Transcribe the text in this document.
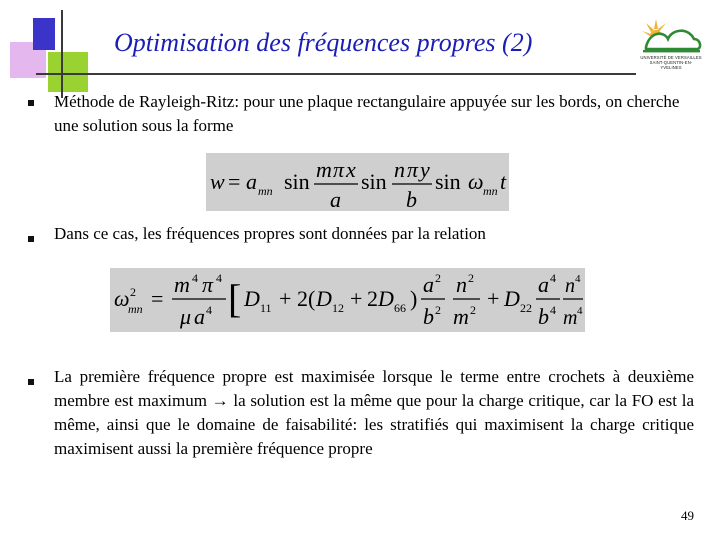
Optimisation des fréquences propres (2)
UNIVERSITÉ DE VERSAILLES
SAINT-QUENTIN-EN-YVELINES
Méthode de Rayleigh-Ritz: pour une plaque rectangulaire appuyée sur les bords, on cherche une solution sous la forme
w = a mn sin m π x
a
sin n π y
b
sin ω mn t
Dans ce cas, les fréquences propres sont données par la relation
ω 2
mn =
m 4 π 4
μ a 4 [ D 11 + 2 ( D 12 + 2 D 66 )
a 2
b 2
n 2
m 2 + D 22
a 4
b 4
n 4
m 4
La première fréquence propre est maximisée lorsque le terme entre crochets à deuxième membre est maximum → la solution est la même que pour la charge critique, car la FO est la même, ainsi que le domaine de faisabilité: les stratifiés qui maximisent la charge critique maximisent aussi la première fréquence propre
49
